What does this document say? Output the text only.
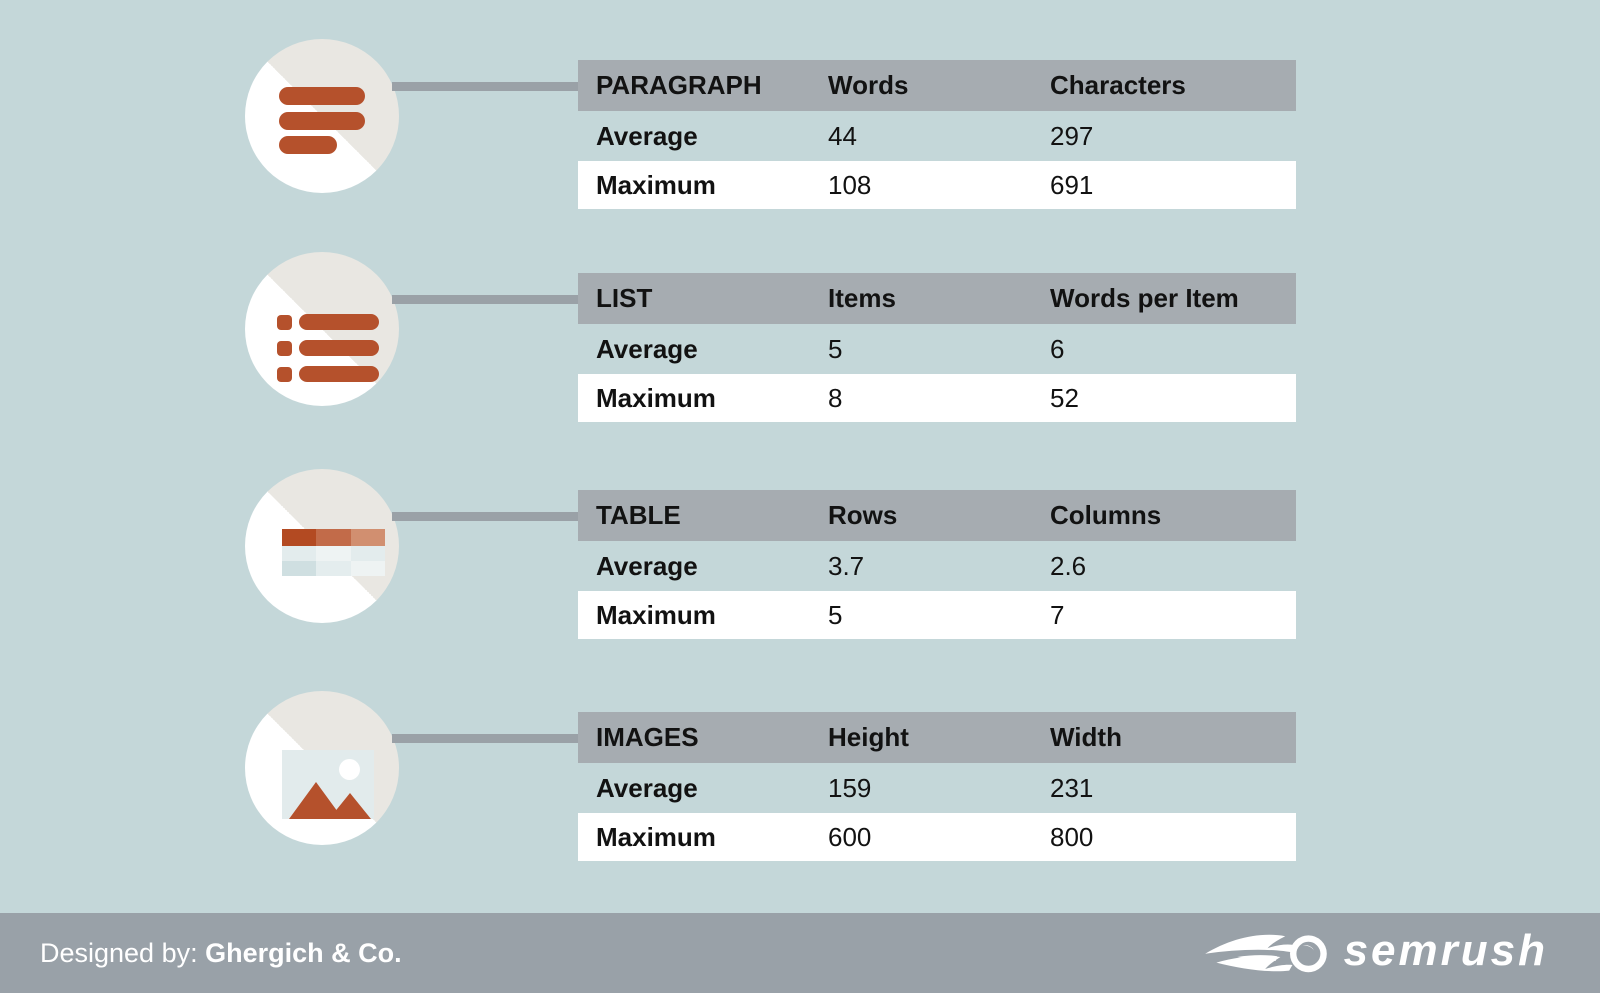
PARAGRAPH	Words	Characters
Average	44	297
Maximum	108	691
LIST	Items	Words per Item
Average	5	6
Maximum	8	52
TABLE	Rows	Columns
Average	3.7	2.6
Maximum	5	7
IMAGES	Height	Width
Average	159	231
Maximum	600	800
Designed by: Ghergich & Co.	semrush
